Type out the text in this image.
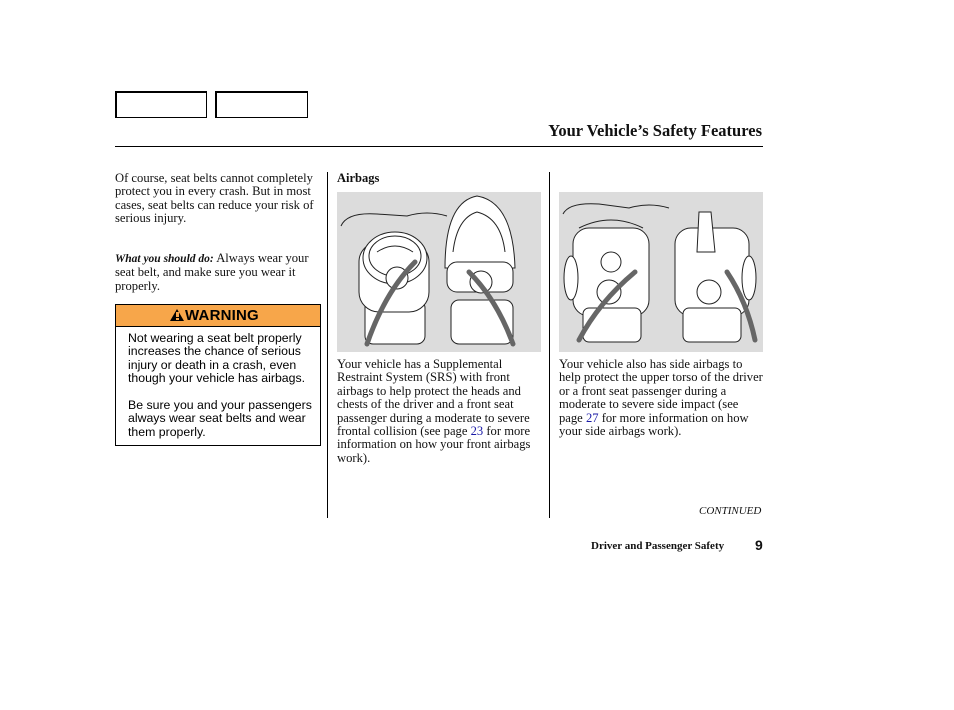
Your Vehicle’s Safety Features
Of course, seat belts cannot completely protect you in every crash. But in most cases, seat belts can reduce your risk of serious injury.
What you should do: Always wear your seat belt, and make sure you wear it properly.
WARNING
Not wearing a seat belt properly increases the chance of serious injury or death in a crash, even though your vehicle has airbags.
Be sure you and your passengers always wear seat belts and wear them properly.
Airbags
Your vehicle has a Supplemental Restraint System (SRS) with front airbags to help protect the heads and chests of the driver and a front seat passenger during a moderate to severe frontal collision (see page 23 for more information on how your front airbags work).
Your vehicle also has side airbags to help protect the upper torso of the driver or a front seat passenger during a moderate to severe side impact (see page 27 for more information on how your side airbags work).
CONTINUED
Driver and Passenger Safety 9
